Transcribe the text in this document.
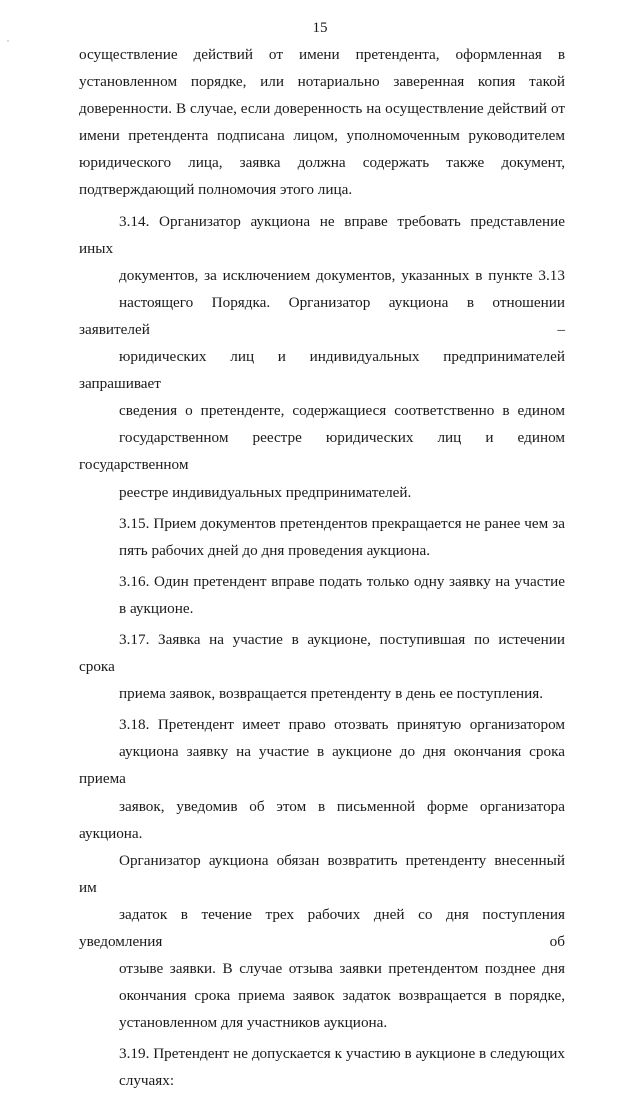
15
осуществление действий от имени претендента, оформленная в
установленном порядке, или нотариально заверенная копия такой
доверенности. В случае, если доверенность на осуществление действий от
имени претендента подписана лицом, уполномоченным руководителем
юридического лица, заявка должна содержать также документ,
подтверждающий полномочия этого лица.
3.14. Организатор аукциона не вправе требовать представление иных
документов, за исключением документов, указанных в пункте 3.13
настоящего Порядка. Организатор аукциона в отношении заявителей –
юридических лиц и индивидуальных предпринимателей запрашивает
сведения о претенденте, содержащиеся соответственно в едином
государственном реестре юридических лиц и едином государственном
реестре индивидуальных предпринимателей.
3.15. Прием документов претендентов прекращается не ранее чем за
пять рабочих дней до дня проведения аукциона.
3.16. Один претендент вправе подать только одну заявку на участие
в аукционе.
3.17. Заявка на участие в аукционе, поступившая по истечении срока
приема заявок, возвращается претенденту в день ее поступления.
3.18. Претендент имеет право отозвать принятую организатором
аукциона заявку на участие в аукционе до дня окончания срока приема
заявок, уведомив об этом в письменной форме организатора аукциона.
Организатор аукциона обязан возвратить претенденту внесенный им
задаток в течение трех рабочих дней со дня поступления уведомления об
отзыве заявки. В случае отзыва заявки претендентом позднее дня
окончания срока приема заявок задаток возвращается в порядке,
установленном для участников аукциона.
3.19. Претендент не допускается к участию в аукционе в следующих
случаях:
